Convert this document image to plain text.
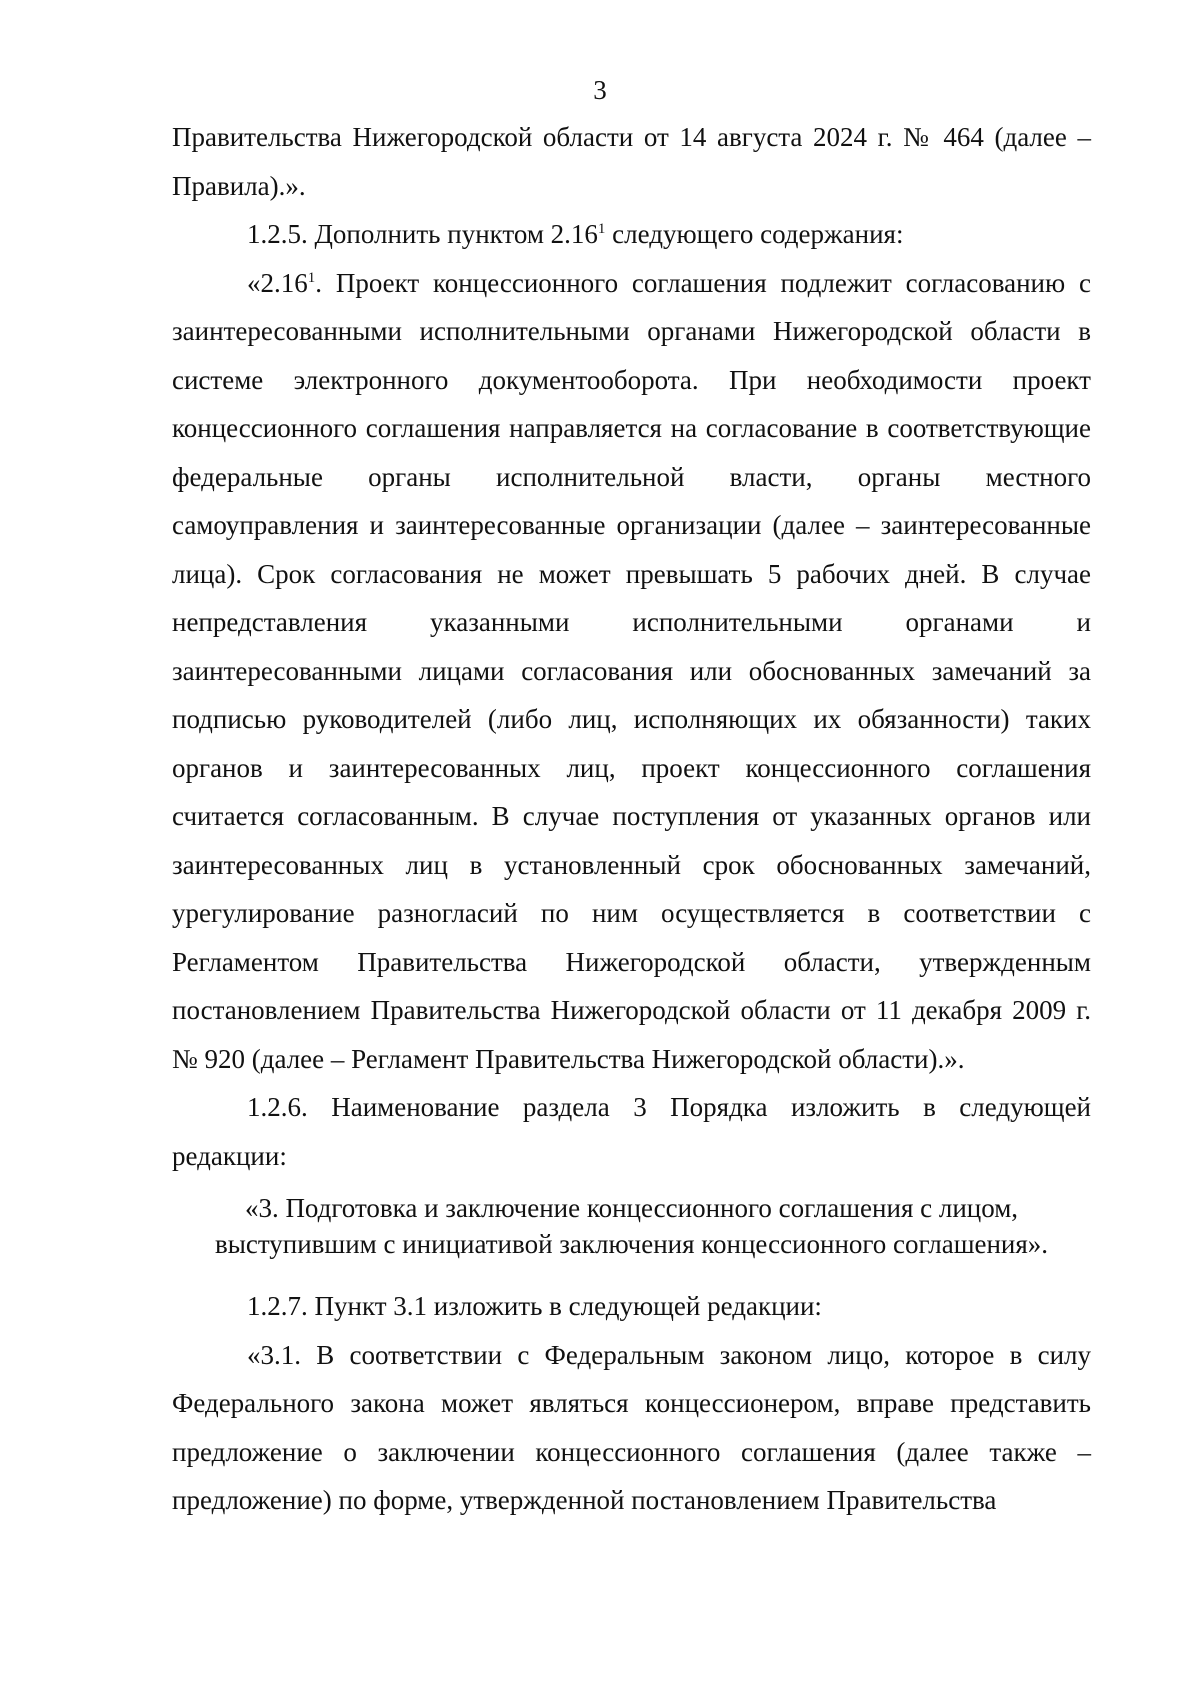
3

Правительства Нижегородской области от 14 августа 2024 г. № 464 (далее – Правила).».

1.2.5. Дополнить пунктом 2.16$^1$ следующего содержания:

«2.16$^1$. Проект концессионного соглашения подлежит согласованию с заинтересованными исполнительными органами Нижегородской области в системе электронного документооборота. При необходимости проект концессионного соглашения направляется на согласование в соответствующие федеральные органы исполнительной власти, органы местного самоуправления и заинтересованные организации (далее – заинтересованные лица). Срок согласования не может превышать 5 рабочих дней. В случае непредставления указанными исполнительными органами и заинтересованными лицами согласования или обоснованных замечаний за подписью руководителей (либо лиц, исполняющих их обязанности) таких органов и заинтересованных лиц, проект концессионного соглашения считается согласованным. В случае поступления от указанных органов или заинтересованных лиц в установленный срок обоснованных замечаний, урегулирование разногласий по ним осуществляется в соответствии с Регламентом Правительства Нижегородской области, утвержденным постановлением Правительства Нижегородской области от 11 декабря 2009 г. № 920 (далее – Регламент Правительства Нижегородской области).».

1.2.6. Наименование раздела 3 Порядка изложить в следующей редакции:

«3. Подготовка и заключение концессионного соглашения с лицом, выступившим с инициативой заключения концессионного соглашения».

1.2.7. Пункт 3.1 изложить в следующей редакции:

«3.1. В соответствии с Федеральным законом лицо, которое в силу Федерального закона может являться концессионером, вправе представить предложение о заключении концессионного соглашения (далее также – предложение) по форме, утвержденной постановлением Правительства
